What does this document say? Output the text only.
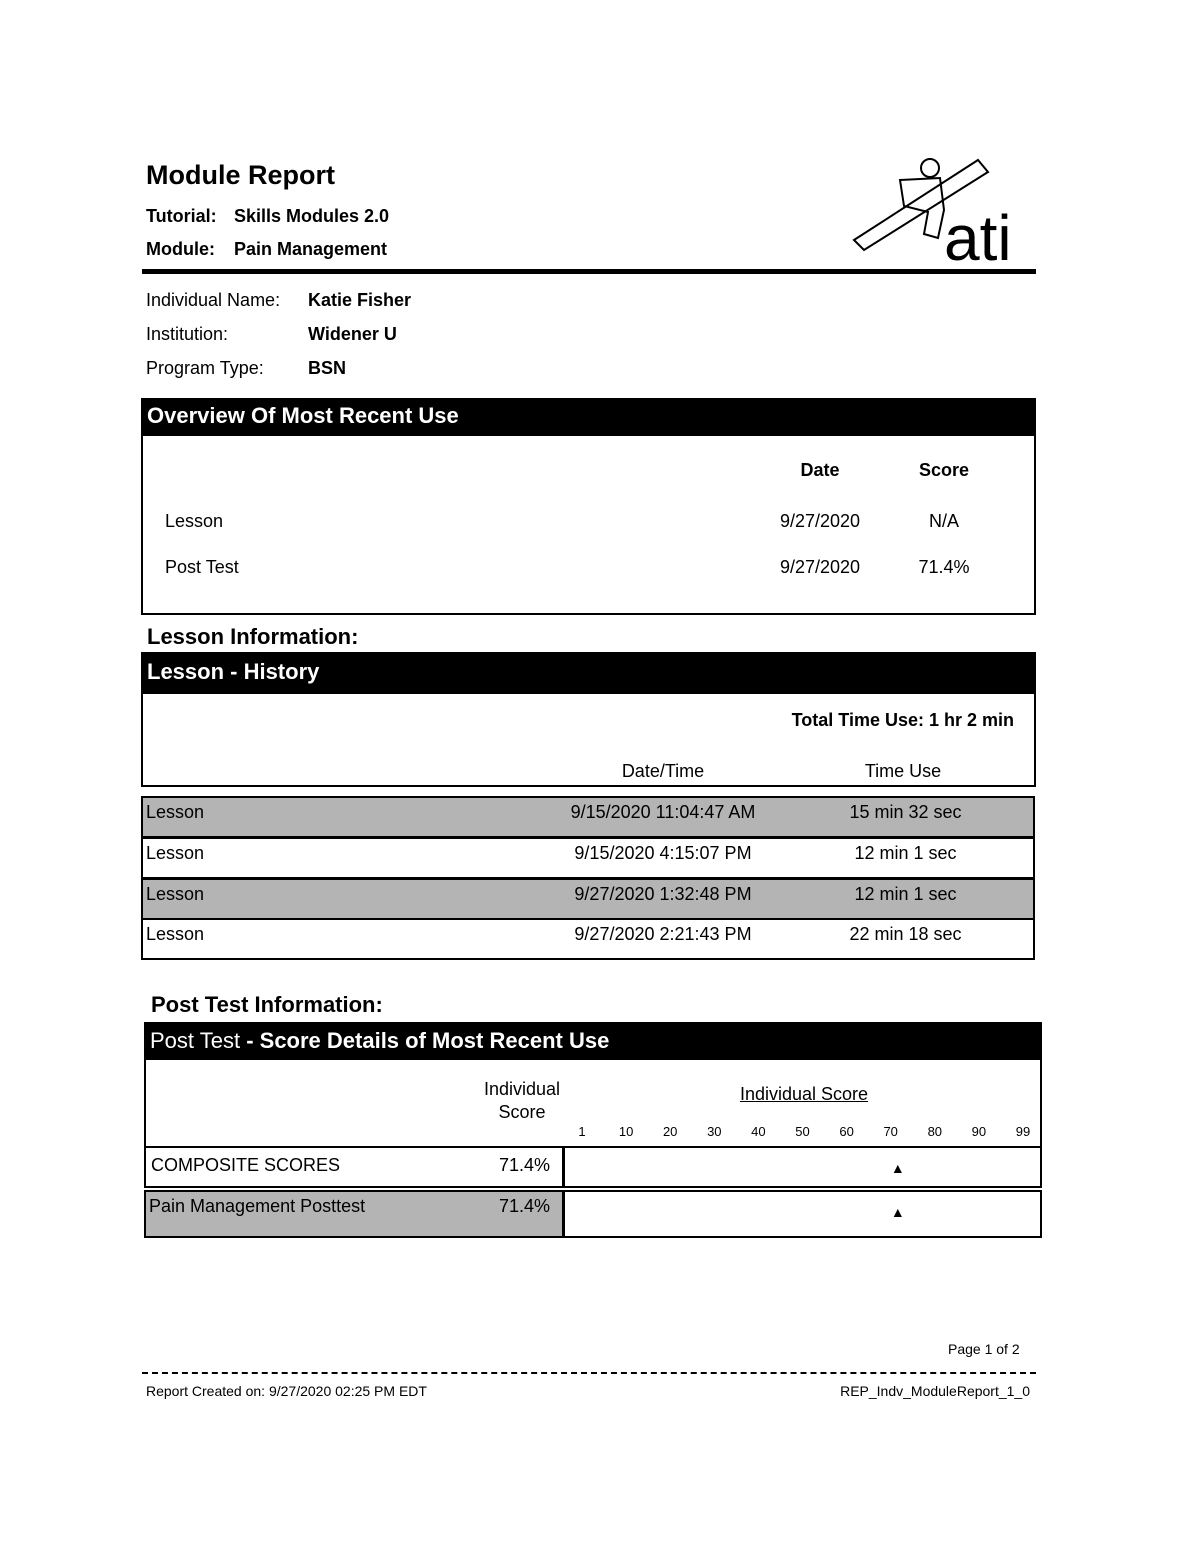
Module Report
Tutorial: Skills Modules 2.0
Module: Pain Management	ati
Individual Name: Katie Fisher
Institution:	Widener U
Program Type: BSN
Overview Of Most Recent Use
Date	Score
Lesson	9/27/2020	N/A
Post Test	9/27/2020	71.4%
Lesson Information:
Lesson - History
Total Time Use: 1 hr 2 min
Date/Time	Time Use
Lesson	9/15/2020 11:04:47 AM	15 min 32 sec
Lesson	9/15/2020 4:15:07 PM	12 min 1 sec
Lesson	9/27/2020 1:32:48 PM	12 min 1 sec
Lesson	9/27/2020 2:21:43 PM	22 min 18 sec
Post Test Information:
Post Test - Score Details of Most Recent Use
Individual
Score
Individual Score
1	10	20	30	40	50	60	70	80	90	99
COMPOSITE SCORES	71.4%	▲
Pain Management Posttest	71.4%	▲
Page 1 of 2
Report Created on: 9/27/2020 02:25 PM EDT	REP_Indv_ModuleReport_1_0
